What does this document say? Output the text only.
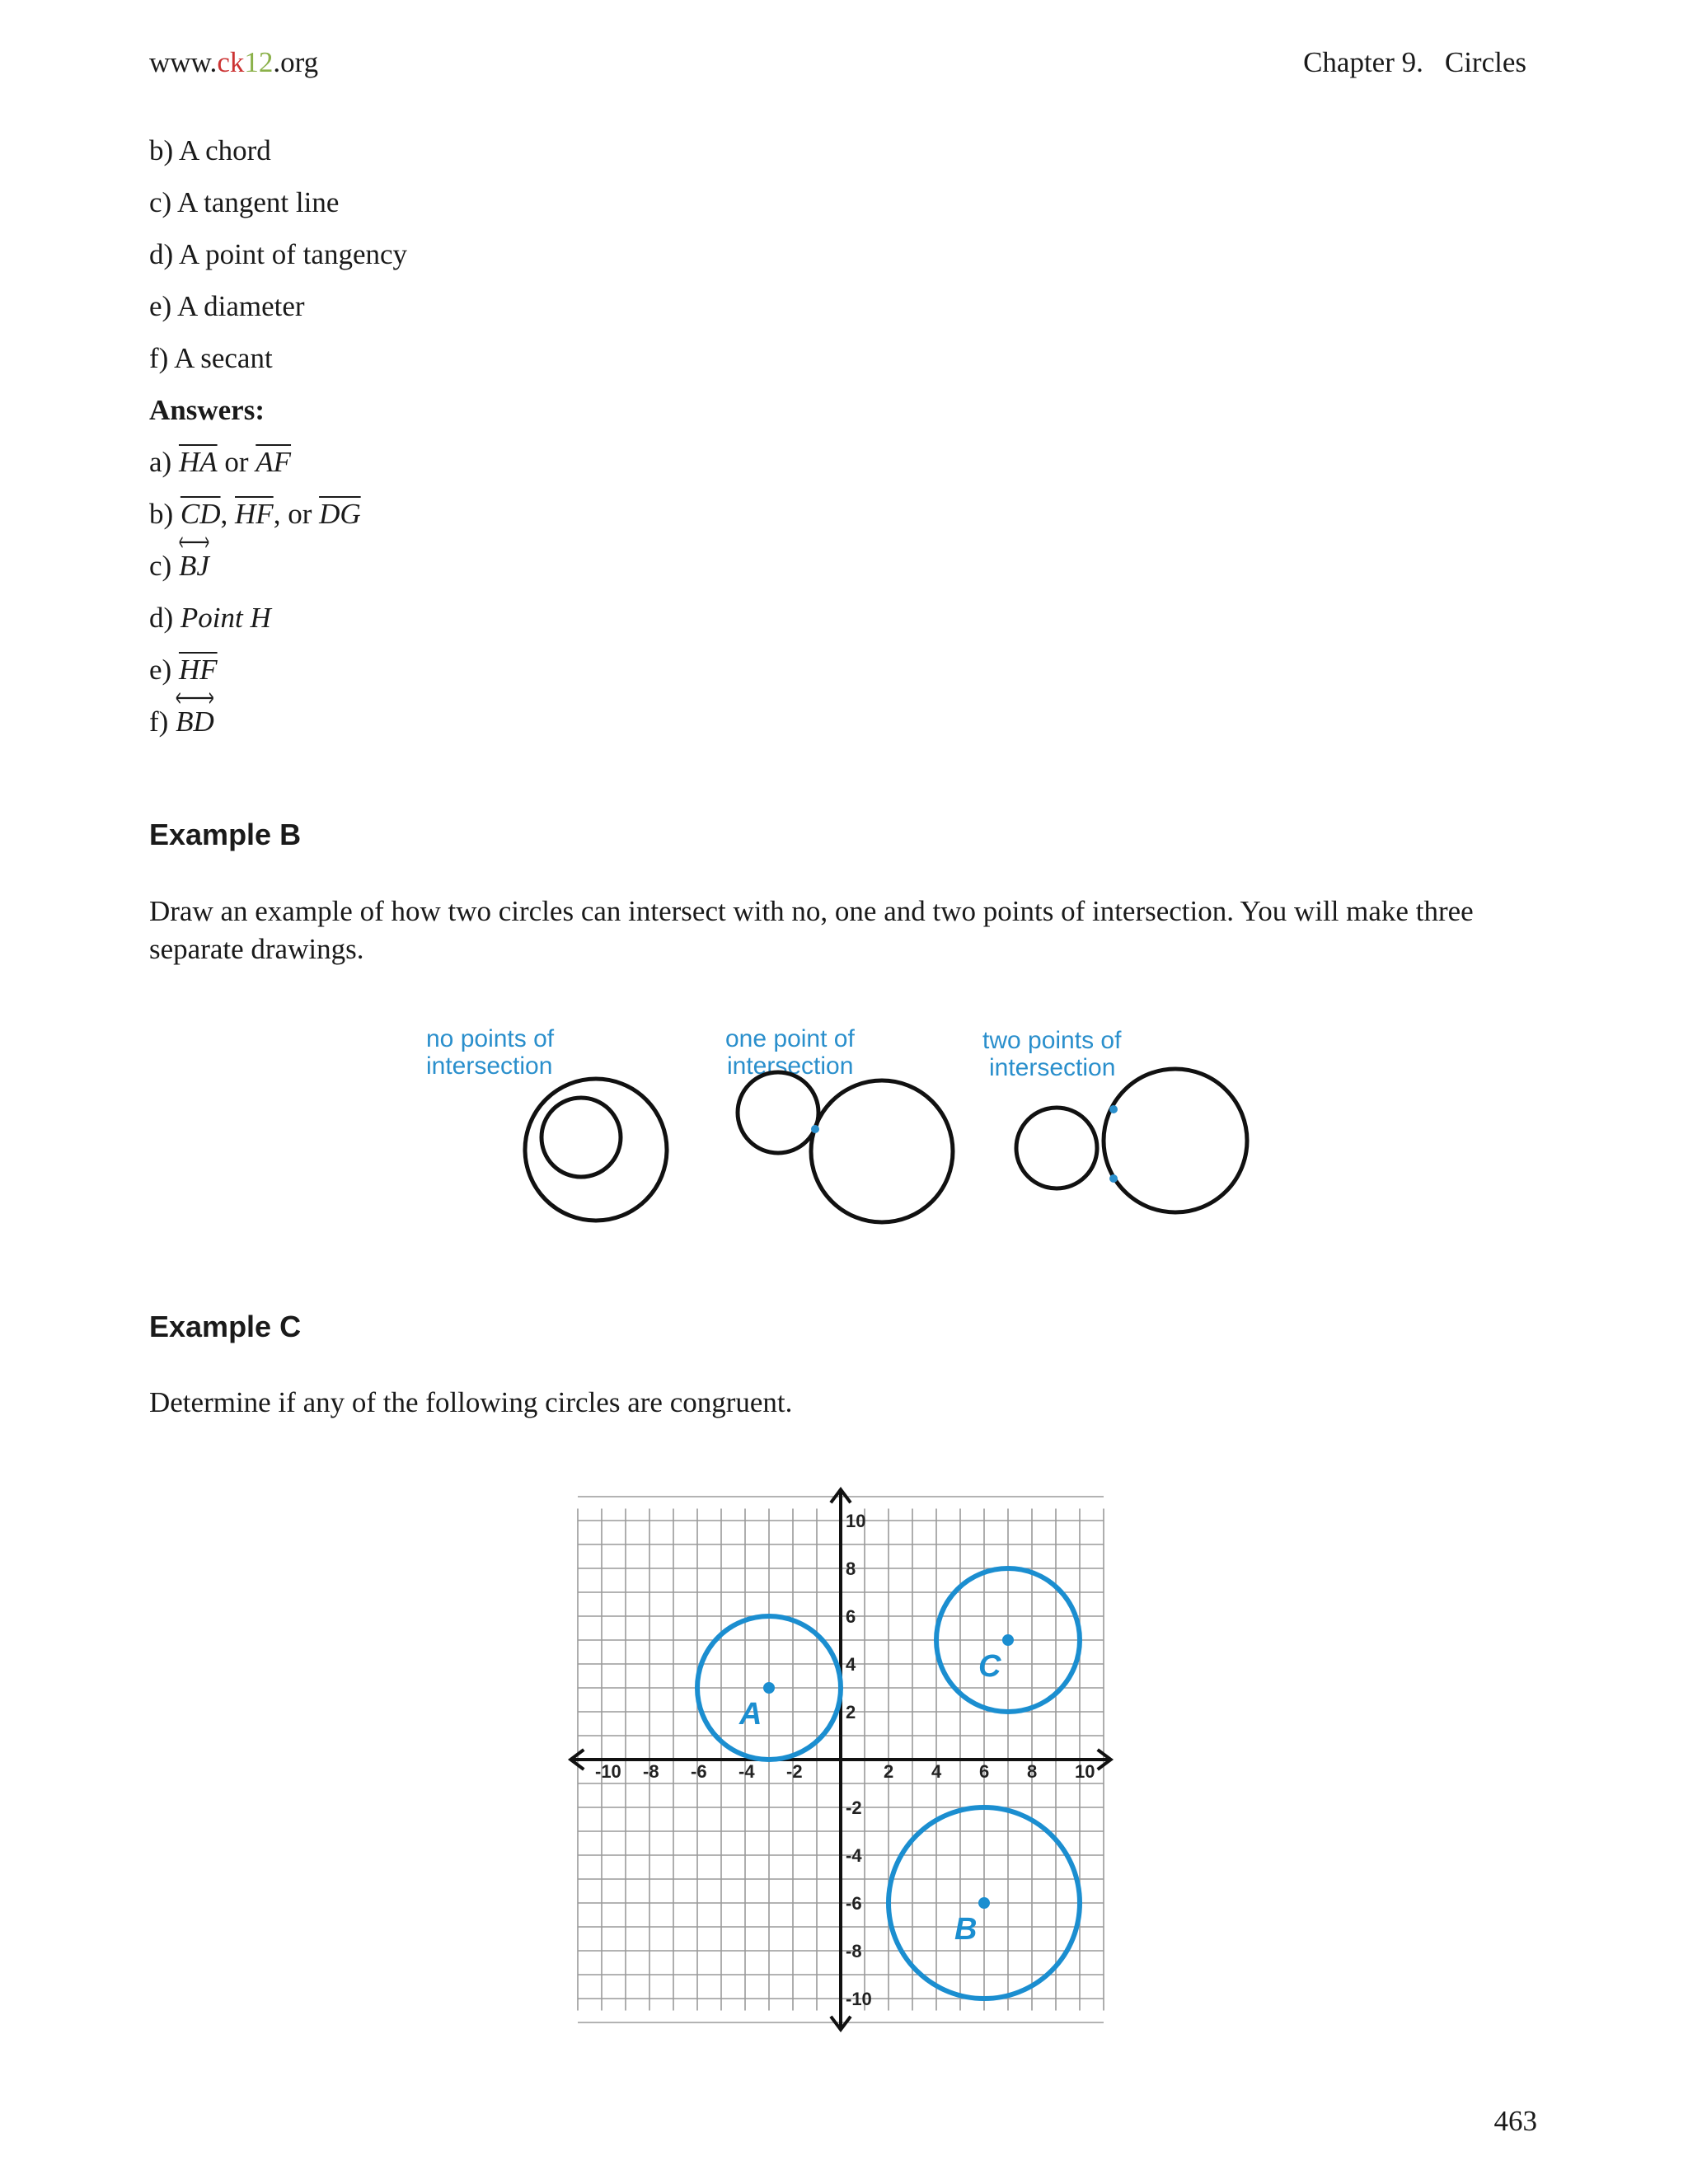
www.ck12.org	Chapter 9. Circles
b) A chord
c) A tangent line
d) A point of tangency
e) A diameter
f) A secant
Answers:
a) $\overline{HA}$ or $\overline{AF}$
b) $\overline{CD}$, $\overline{HF}$, or $\overline{DG}$
c) BJ
d) Point H
e) $\overline{HF}$
f) BD
Example B
Draw an example of how two circles can intersect with no, one and two points of intersection. You will make three separate drawings.
no points of
intersection
one point of
intersection
two points of
intersection
Example C
Determine if any of the following circles are congruent.
-10 -8 -6 -4 -2	2 4 6 8 10
10
8
6
4
2
-2
-4
-6
-8
-10
A
B
C
463
